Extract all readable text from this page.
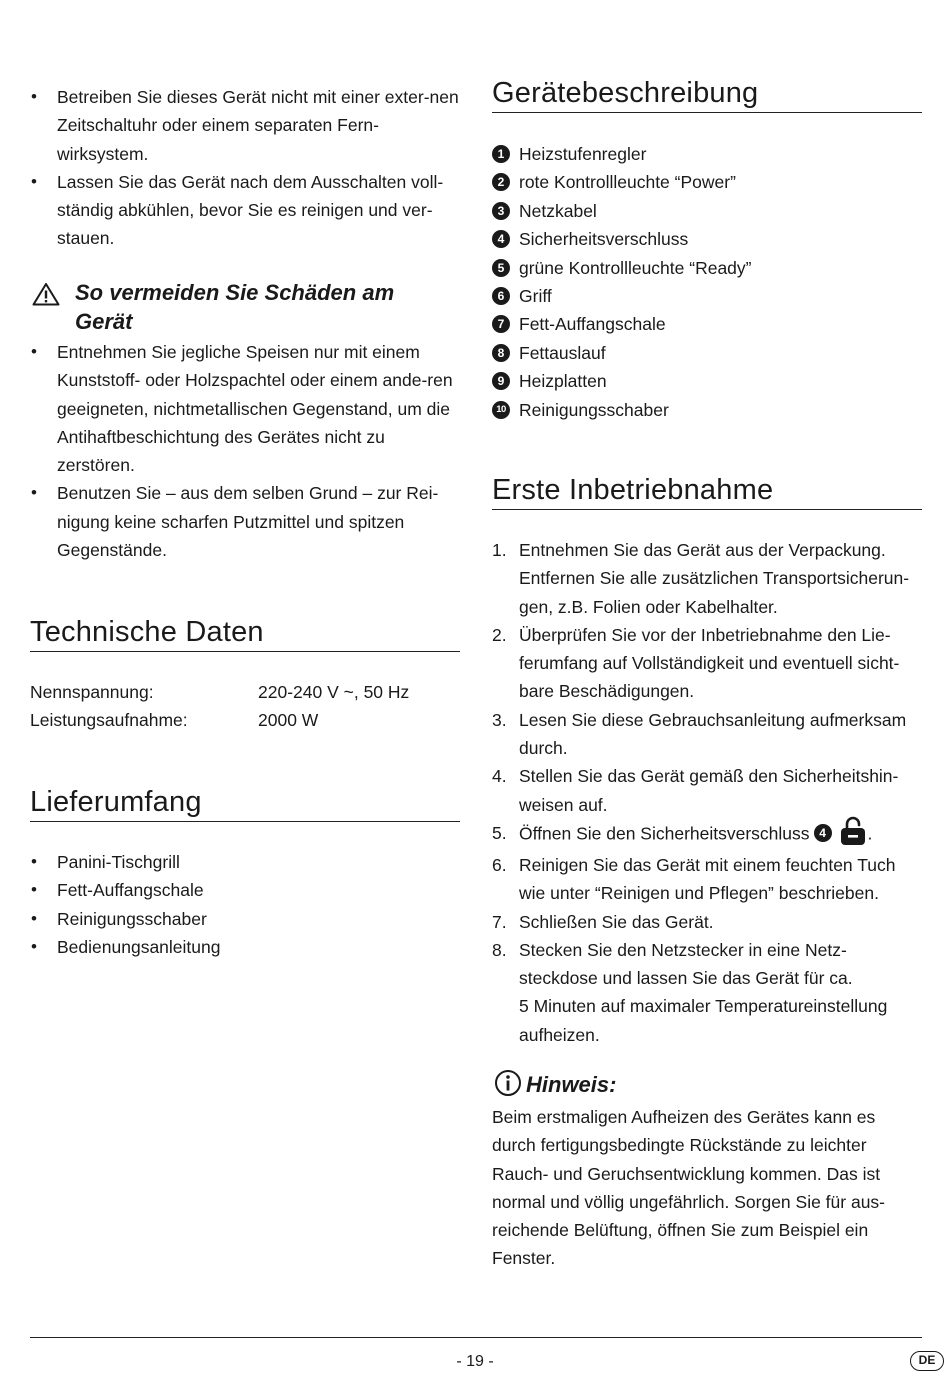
• Betreiben Sie dieses Gerät nicht mit einer exter-nen Zeitschaltuhr oder einem separaten Fern-wirksystem.
• Lassen Sie das Gerät nach dem Ausschalten voll-ständig abkühlen, bevor Sie es reinigen und ver-stauen.
So vermeiden Sie Schäden am Gerät
• Entnehmen Sie jegliche Speisen nur mit einem Kunststoff- oder Holzspachtel oder einem ande-ren geeigneten, nichtmetallischen Gegenstand, um die Antihaftbeschichtung des Gerätes nicht zu zerstören.
• Benutzen Sie – aus dem selben Grund – zur Rei-nigung keine scharfen Putzmittel und spitzen Gegenstände.
Technische Daten
Nennspannung:	220-240 V ~, 50 Hz
Leistungsaufnahme:	2000 W
Lieferumfang
• Panini-Tischgrill
• Fett-Auffangschale
• Reinigungsschaber
• Bedienungsanleitung
Gerätebeschreibung
1 Heizstufenregler
2 rote Kontrollleuchte “Power”
3 Netzkabel
4 Sicherheitsverschluss
5 grüne Kontrollleuchte “Ready”
6 Griff
7 Fett-Auffangschale
8 Fettauslauf
9 Heizplatten
10 Reinigungsschaber
Erste Inbetriebnahme
1. Entnehmen Sie das Gerät aus der Verpackung. Entfernen Sie alle zusätzlichen Transportsicherun-gen, z.B. Folien oder Kabelhalter.
2. Überprüfen Sie vor der Inbetriebnahme den Lie-ferumfang auf Vollständigkeit und eventuell sicht-bare Beschädigungen.
3. Lesen Sie diese Gebrauchsanleitung aufmerksam durch.
4. Stellen Sie das Gerät gemäß den Sicherheitshin-weisen auf.
5. Öffnen Sie den Sicherheitsverschluss 4 .
6. Reinigen Sie das Gerät mit einem feuchten Tuch wie unter “Reinigen und Pflegen” beschrieben.
7. Schließen Sie das Gerät.
8. Stecken Sie den Netzstecker in eine Netz-steckdose und lassen Sie das Gerät für ca.
5 Minuten auf maximaler Temperatureinstellung aufheizen.
Hinweis:

Beim erstmaligen Aufheizen des Gerätes kann es durch fertigungsbedingte Rückstände zu leichter Rauch- und Geruchsentwicklung kommen. Das ist normal und völlig ungefährlich. Sorgen Sie für aus-reichende Belüftung, öffnen Sie zum Beispiel ein Fenster.

- 19 -	DE
